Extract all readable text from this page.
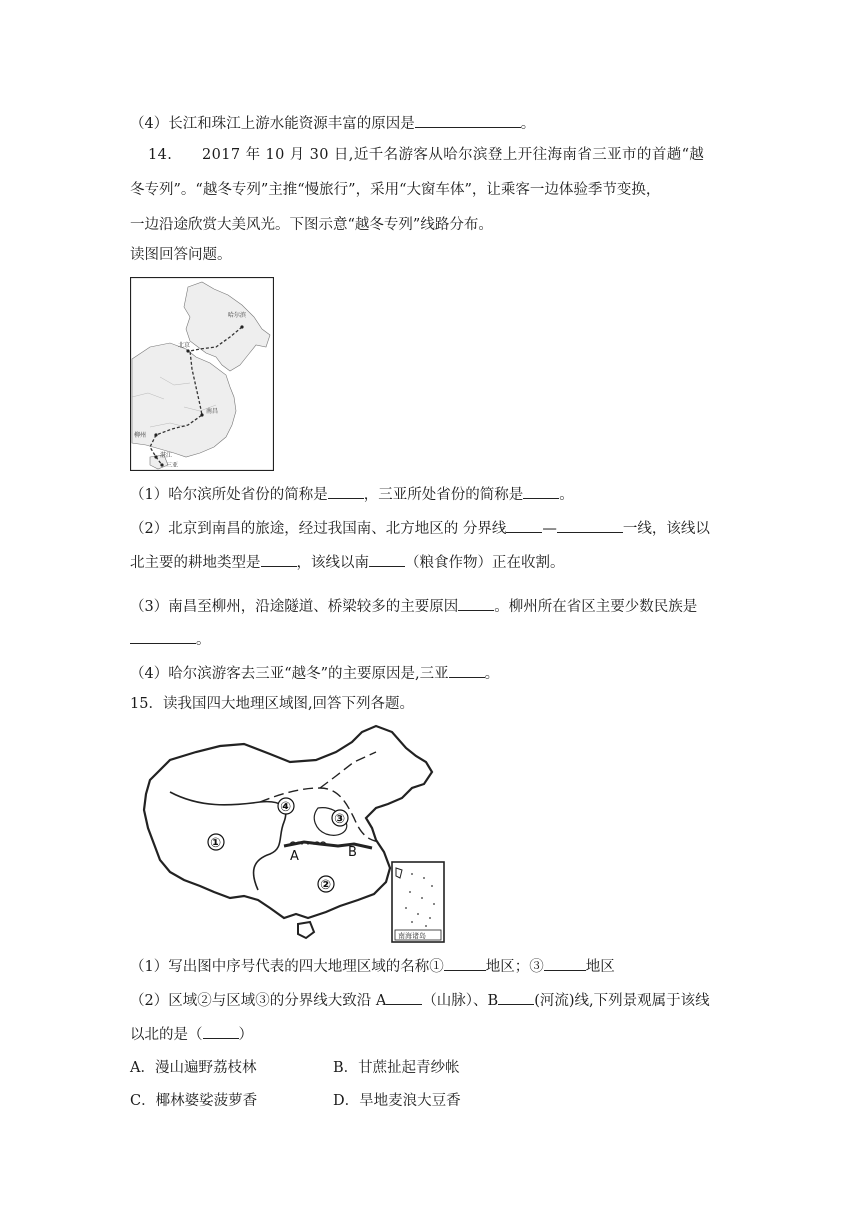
（4）长江和珠江上游水能资源丰富的原因是	。
14.　　2017 年 10 月 30 日,近千名游客从哈尔滨登上开往海南省三亚市的首趟“越
冬专列”。“越冬专列”主推“慢旅行”，采用“大窗车体”，让乘客一边体验季节变换，
一边沿途欣赏大美风光。下图示意“越冬专列”线路分布。
读图回答问题。
哈尔滨
北京
南昌
柳州
湛江
三亚
（1）哈尔滨所处省份的简称是 ，三亚所处省份的简称是 。
（2）北京到南昌的旅途，经过我国南、北方地区的 分界线 —	一线，该线以
北主要的耕地类型是 ，该线以南 （粮食作物）正在收割。
（3）南昌至柳州，沿途隧道、桥梁较多的主要原因 。柳州所在省区主要少数民族是
。
（4）哈尔滨游客去三亚“越冬”的主要原因是,三亚 。
15．读我国四大地理区域图,回答下列各题。
①
②
③
④
A	B
南海诸岛
（1）写出图中序号代表的四大地理区域的名称①	地区；③	地区
（2）区域②与区域③的分界线大致沿 A （山脉）、B (河流)线,下列景观属于该线
以北的是（ ）
A．漫山遍野荔枝林	B．甘蔗扯起青纱帐
C．椰林婆娑菠萝香	D．旱地麦浪大豆香
